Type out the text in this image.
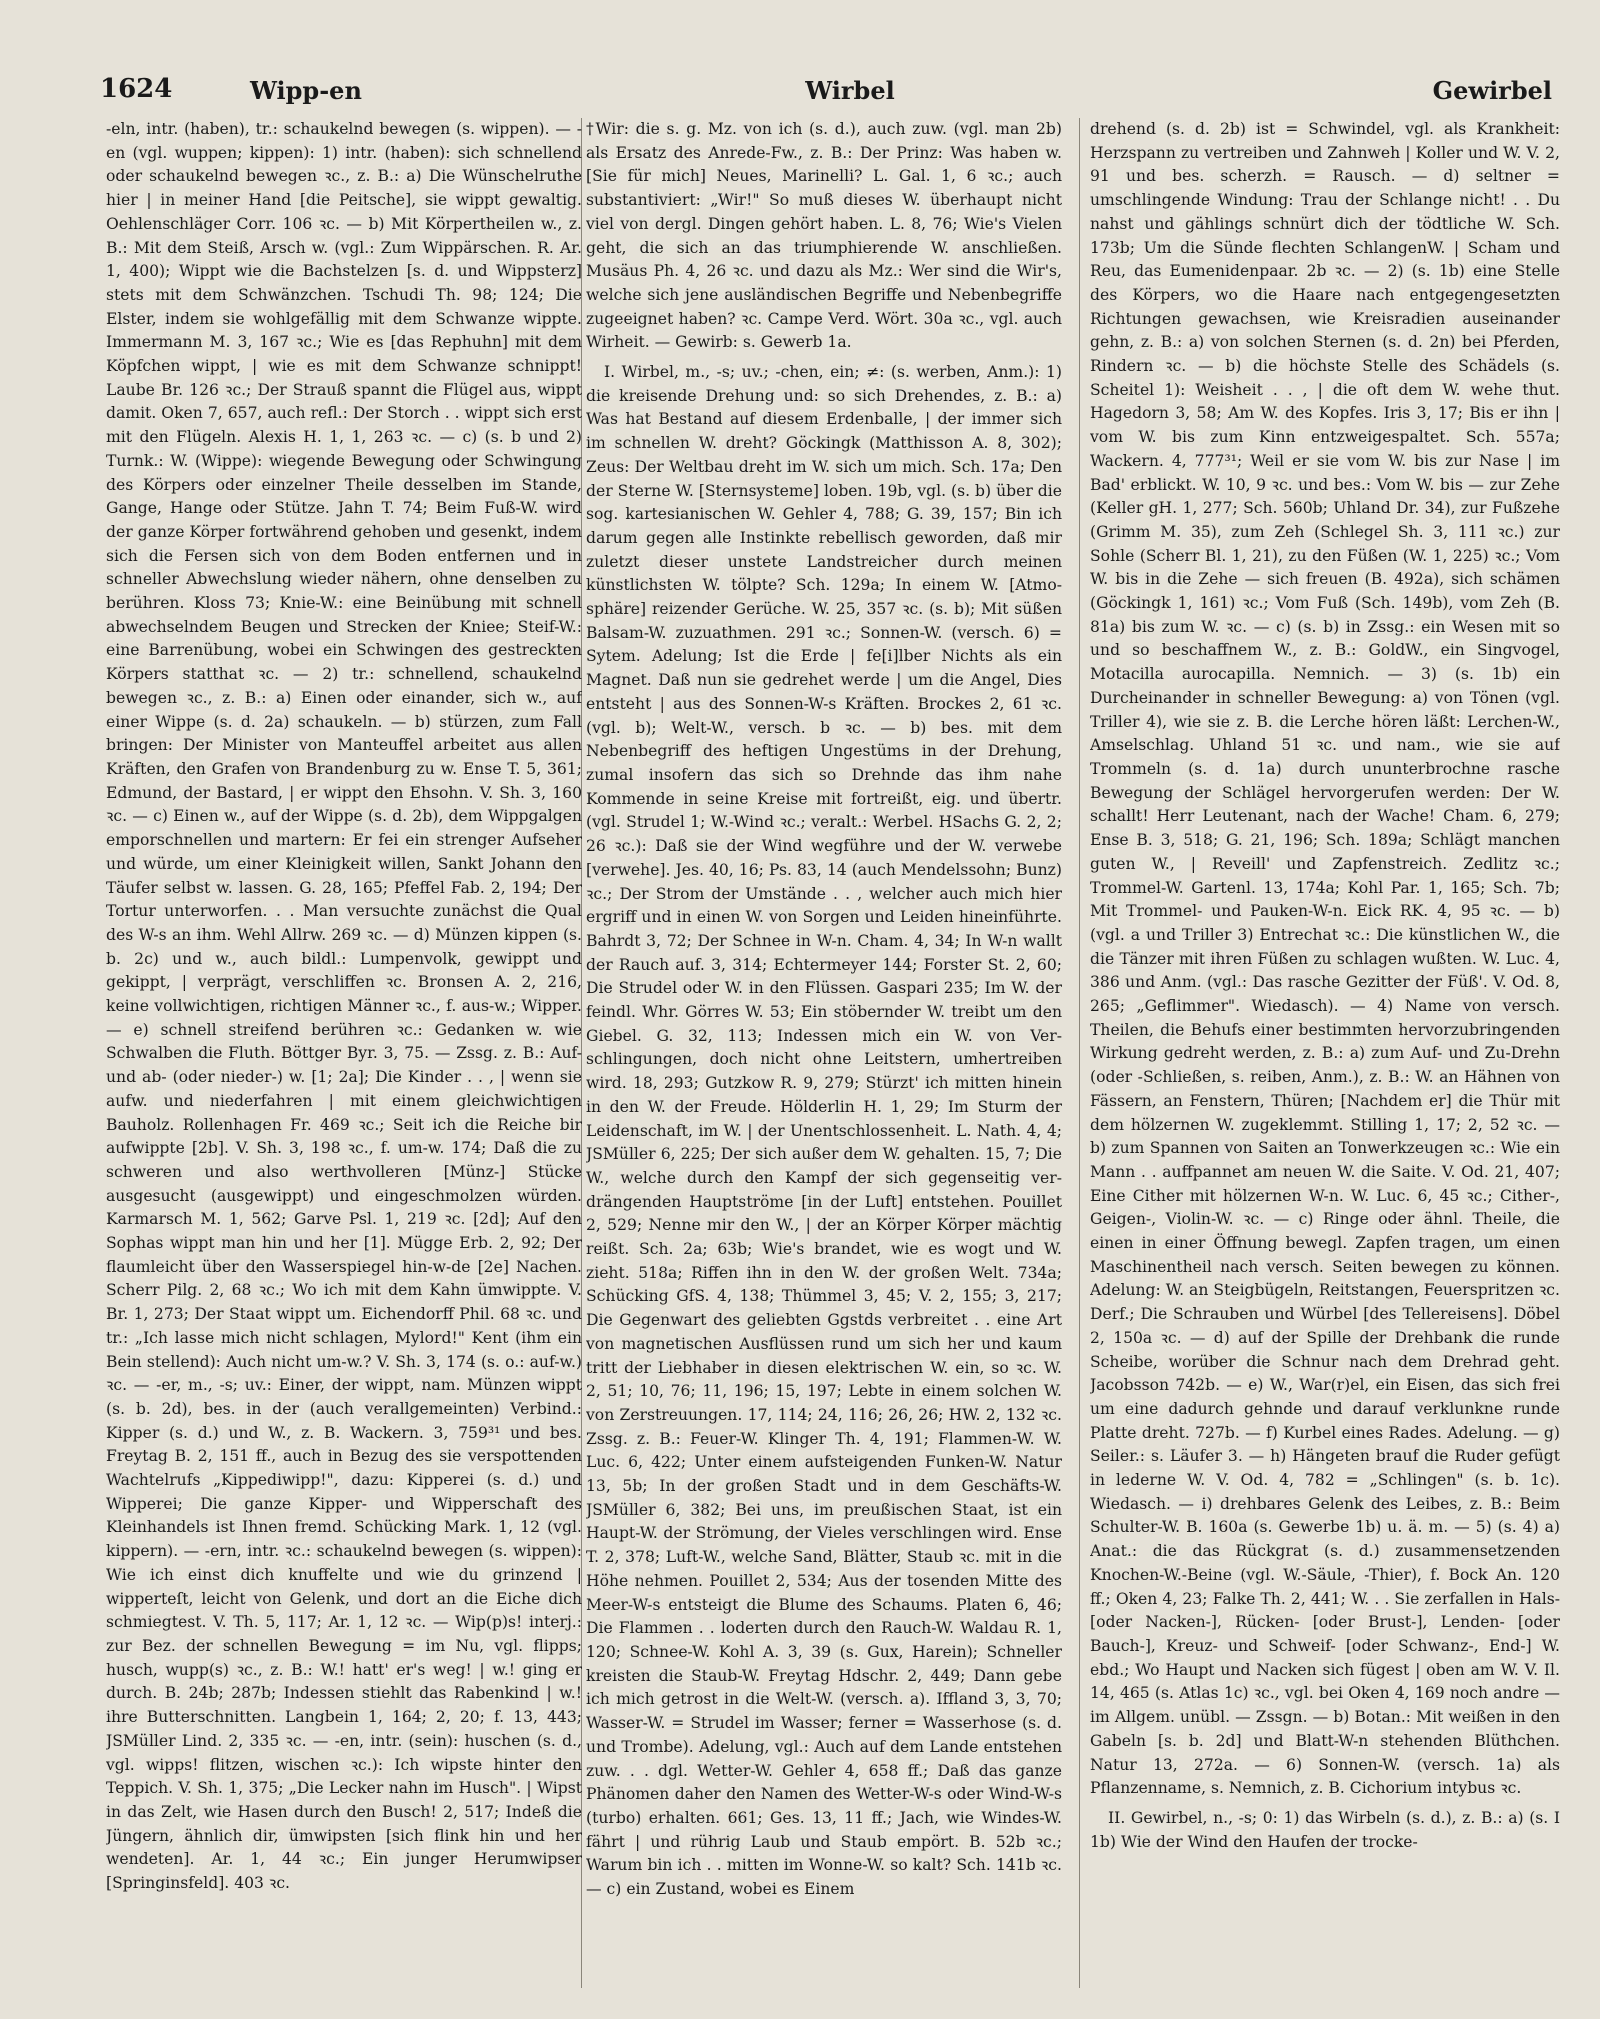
1624	Wipp-en	Wirbel	Gewirbel

-eln, intr. (haben), tr.: schaukelnd bewegen (s. wippen). — -en (vgl. wuppen; kippen): 1) intr. (haben): sich schnellend oder schaukelnd bewegen ꝛc., z. B.: a) Die Wünschelruthe hier | in meiner Hand [die Peitsche], sie wippt gewaltig. Oehlenschläger Corr. 106 ꝛc. — b) Mit Körpertheilen w., z. B.: Mit dem Steiß, Arsch w. (vgl.: Zum Wippärschen. R. Ar. 1, 400); Wippt wie die Bachstelzen [s. d. und Wippsterz] stets mit dem Schwänzchen. Tschudi Th. 98; 124; Die Elster, indem sie wohlgefällig mit dem Schwanze wippte. Immermann M. 3, 167 ꝛc.; Wie es [das Rephuhn] mit dem Köpfchen wippt, | wie es mit dem Schwanze schnippt! Laube Br. 126 ꝛc.; Der Strauß spannt die Flügel aus, wippt damit. Oken 7, 657, auch refl.: Der Storch . . wippt sich erst mit den Flügeln. Alexis H. 1, 1, 263 ꝛc. — c) (s. b und 2) Turnk.: W. (Wippe): wiegende Bewegung oder Schwingung des Körpers oder einzelner Theile desselben im Stande, Gange, Hange oder Stütze. Jahn T. 74; Beim Fuß-W. wird der ganze Körper fortwährend gehoben und gesenkt, indem sich die Fersen sich von dem Boden entfernen und in schneller Abwechslung wieder nähern, ohne denselben zu berühren. Kloss 73; Knie-W.: eine Beinübung mit schnell abwechselndem Beugen und Strecken der Kniee; Steif-W.: eine Barrenübung, wobei ein Schwingen des gestreckten Körpers statthat ꝛc. — 2) tr.: schnellend, schaukelnd bewegen ꝛc., z. B.: a) Einen oder einander, sich w., auf einer Wippe (s. d. 2a) schaukeln. — b) stürzen, zum Fall bringen: Der Minister von Manteuffel arbeitet aus allen Kräften, den Grafen von Brandenburg zu w. Ense T. 5, 361; Edmund, der Bastard, | er wippt den Ehsohn. V. Sh. 3, 160 ꝛc. — c) Einen w., auf der Wippe (s. d. 2b), dem Wippgalgen emporschnellen und martern: Er fei ein strenger Aufseher und würde, um einer Kleinigkeit willen, Sankt Johann den Täufer selbst w. lassen. G. 28, 165; Pfeffel Fab. 2, 194; Der Tortur unterworfen. . . Man versuchte zunächst die Qual des W-s an ihm. Wehl Allrw. 269 ꝛc. — d) Münzen kippen (s. b. 2c) und w., auch bildl.: Lumpenvolk, gewippt und gekippt, | verprägt, verschliffen ꝛc. Bronsen A. 2, 216, keine vollwichtigen, richtigen Männer ꝛc., f. aus-w.; Wipper. — e) schnell streifend berühren ꝛc.: Gedanken w. wie Schwalben die Fluth. Böttger Byr. 3, 75. — Zssg. z. B.: Auf- und ab- (oder nieder-) w. [1; 2a]; Die Kinder . . , | wenn sie aufw. und niederfahren | mit einem gleichwichtigen Bauholz. Rollenhagen Fr. 469 ꝛc.; Seit ich die Reiche bir aufwippte [2b]. V. Sh. 3, 198 ꝛc., f. um-w. 174; Daß die zu schweren und also werthvolleren [Münz-] Stücke ausgesucht (ausgewippt) und eingeschmolzen würden. Karmarsch M. 1, 562; Garve Psl. 1, 219 ꝛc. [2d]; Auf den Sophas wippt man hin und her [1]. Mügge Erb. 2, 92; Der flaumleicht über den Wasserspiegel hin-w-de [2e] Nachen. Scherr Pilg. 2, 68 ꝛc.; Wo ich mit dem Kahn ümwippte. V. Br. 1, 273; Der Staat wippt um. Eichendorff Phil. 68 ꝛc. und tr.: „Ich lasse mich nicht schlagen, Mylord!" Kent (ihm ein Bein stellend): Auch nicht um-w.? V. Sh. 3, 174 (s. o.: auf-w.) ꝛc. — -er, m., -s; uv.: Einer, der wippt, nam. Münzen wippt (s. b. 2d), bes. in der (auch verallgemeinten) Verbind.: Kipper (s. d.) und W., z. B. Wackern. 3, 759³¹ und bes. Freytag B. 2, 151 ff., auch in Bezug des sie verspottenden Wachtelrufs „Kippediwipp!", dazu: Kipperei (s. d.) und Wipperei; Die ganze Kipper- und Wipperschaft des Kleinhandels ist Ihnen fremd. Schücking Mark. 1, 12 (vgl. kippern). — -ern, intr. ꝛc.: schaukelnd bewegen (s. wippen): Wie ich einst dich knuffelte und wie du grinzend | wipperteſt, leicht von Gelenk, und dort an die Eiche dich schmiegtest. V. Th. 5, 117; Ar. 1, 12 ꝛc. — Wip(p)s! interj.: zur Bez. der schnellen Bewegung = im Nu, vgl. flipps; husch, wupp(s) ꝛc., z. B.: W.! hatt' er's weg! | w.! ging er durch. B. 24b; 287b; Indessen stiehlt das Rabenkind | w.! ihre Butterschnitten. Langbein 1, 164; 2, 20; f. 13, 443; JSMüller Lind. 2, 335 ꝛc. — -en, intr. (sein): huschen (s. d., vgl. wipps! flitzen, wischen ꝛc.): Ich wipste hinter den Teppich. V. Sh. 1, 375; „Die Lecker nahn im Husch". | Wipst in das Zelt, wie Hasen durch den Busch! 2, 517; Indeß die Jüngern, ähnlich dir, ümwipsten [sich flink hin und her wendeten]. Ar. 1, 44 ꝛc.; Ein junger Herumwipser [Springinsfeld]. 403 ꝛc.

†Wir: die s. g. Mz. von ich (s. d.), auch zuw. (vgl. man 2b) als Ersatz des Anrede-Fw., z. B.: Der Prinz: Was haben w. [Sie für mich] Neues, Marinelli? L. Gal. 1, 6 ꝛc.; auch substantiviert: „Wir!" So muß dieses W. überhaupt nicht viel von dergl. Dingen gehört haben. L. 8, 76; Wie's Vielen geht, die sich an das triumphierende W. anschließen. Musäus Ph. 4, 26 ꝛc. und dazu als Mz.: Wer sind die Wir's, welche sich jene ausländischen Begriffe und Nebenbegriffe zugeeignet haben? ꝛc. Campe Verd. Wört. 30a ꝛc., vgl. auch Wirheit. — Gewirb: s. Gewerb 1a.

I. Wirbel, m., -s; uv.; -chen, ein; ≠: (s. werben, Anm.): 1) die kreisende Drehung und: so sich Drehendes, z. B.: a) Was hat Bestand auf diesem Erdenballe, | der immer sich im schnellen W. dreht? Göckingk (Matthisson A. 8, 302); Zeus: Der Weltbau dreht im W. sich um mich. Sch. 17a; Den der Sterne W. [Sternsysteme] loben. 19b, vgl. (s. b) über die sog. kartesianischen W. Gehler 4, 788; G. 39, 157; Bin ich darum gegen alle Instinkte rebellisch geworden, daß mir zuletzt dieser unstete Landstreicher durch meinen künstlichsten W. tölpte? Sch. 129a; In einem W. [Atmosphäre] reizender Gerüche. W. 25, 357 ꝛc. (s. b); Mit süßen Balsam-W. zuzuathmen. 291 ꝛc.; Sonnen-W. (versch. 6) = Sytem. Adelung; Ist die Erde | fe[i]lber Nichts als ein Magnet. Daß nun sie gedrehet werde | um die Angel, Dies entsteht | aus des Sonnen-W-s Kräften. Brockes 2, 61 ꝛc. (vgl. b); Welt-W., versch. b ꝛc. — b) bes. mit dem Nebenbegriff des heftigen Ungestüms in der Drehung, zumal insofern das sich so Drehnde das ihm nahe Kommende in seine Kreise mit fortreißt, eig. und übertr. (vgl. Strudel 1; W.-Wind ꝛc.; veralt.: Werbel. HSachs G. 2, 2; 26 ꝛc.): Daß sie der Wind wegführe und der W. verwebe [verwehe]. Jes. 40, 16; Ps. 83, 14 (auch Mendelssohn; Bunz) ꝛc.; Der Strom der Umstände . . , welcher auch mich hier ergriff und in einen W. von Sorgen und Leiden hineinführte. Bahrdt 3, 72; Der Schnee in W-n. Cham. 4, 34; In W-n wallt der Rauch auf. 3, 314; Echtermeyer 144; Forster St. 2, 60; Die Strudel oder W. in den Flüssen. Gaspari 235; Im W. der feindl. Whr. Görres W. 53; Ein stöbernder W. treibt um den Giebel. G. 32, 113; Indessen mich ein W. von Verschlingungen, doch nicht ohne Leitstern, umhertreiben wird. 18, 293; Gutzkow R. 9, 279; Stürzt' ich mitten hinein in den W. der Freude. Hölderlin H. 1, 29; Im Sturm der Leidenschaft, im W. | der Unentschlossenheit. L. Nath. 4, 4; JSMüller 6, 225; Der sich außer dem W. gehalten. 15, 7; Die W., welche durch den Kampf der sich gegenseitig verdrängenden Hauptströme [in der Luft] entstehen. Pouillet 2, 529; Nenne mir den W., | der an Körper Körper mächtig reißt. Sch. 2a; 63b; Wie's brandet, wie es wogt und W. zieht. 518a; Riffen ihn in den W. der großen Welt. 734a; Schücking GfS. 4, 138; Thümmel 3, 45; V. 2, 155; 3, 217; Die Gegenwart des geliebten Ggstds verbreitet . . eine Art von magnetischen Ausflüssen rund um sich her und kaum tritt der Liebhaber in diesen elektrischen W. ein, so ꝛc. W. 2, 51; 10, 76; 11, 196; 15, 197; Lebte in einem solchen W. von Zerstreuungen. 17, 114; 24, 116; 26, 26; HW. 2, 132 ꝛc. Zssg. z. B.: Feuer-W. Klinger Th. 4, 191; Flammen-W. W. Luc. 6, 422; Unter einem aufsteigenden Funken-W. Natur 13, 5b; In der großen Stadt und in dem Geschäfts-W. JSMüller 6, 382; Bei uns, im preußischen Staat, ist ein Haupt-W. der Strömung, der Vieles verschlingen wird. Ense T. 2, 378; Luft-W., welche Sand, Blätter, Staub ꝛc. mit in die Höhe nehmen. Pouillet 2, 534; Aus der tosenden Mitte des Meer-W-s entsteigt die Blume des Schaums. Platen 6, 46; Die Flammen . . loderten durch den Rauch-W. Waldau R. 1, 120; Schnee-W. Kohl A. 3, 39 (s. Gux, Harein); Schneller kreisten die Staub-W. Freytag Hdschr. 2, 449; Dann gebe ich mich getrost in die Welt-W. (versch. a). Iffland 3, 3, 70; Wasser-W. = Strudel im Wasser; ferner = Wasserhose (s. d. und Trombe). Adelung, vgl.: Auch auf dem Lande entstehen zuw. . . dgl. Wetter-W. Gehler 4, 658 ff.; Daß das ganze Phänomen daher den Namen des Wetter-W-s oder Wind-W-s (turbo) erhalten. 661; Ges. 13, 11 ff.; Jach, wie Windes-W. fährt | und rührig Laub und Staub empört. B. 52b ꝛc.; Warum bin ich . . mitten im Wonne-W. so kalt? Sch. 141b ꝛc. — c) ein Zustand, wobei es Einem

drehend (s. d. 2b) ist = Schwindel, vgl. als Krankheit: Herzspann zu vertreiben und Zahnweh | Koller und W. V. 2, 91 und bes. scherzh. = Rausch. — d) seltner = umschlingende Windung: Trau der Schlange nicht! . . Du nahst und gählings schnürt dich der tödtliche W. Sch. 173b; Um die Sünde flechten SchlangenW. | Scham und Reu, das Eumenidenpaar. 2b ꝛc. — 2) (s. 1b) eine Stelle des Körpers, wo die Haare nach entgegengesetzten Richtungen gewachsen, wie Kreisradien auseinander gehn, z. B.: a) von solchen Sternen (s. d. 2n) bei Pferden, Rindern ꝛc. — b) die höchste Stelle des Schädels (s. Scheitel 1): Weisheit . . , | die oft dem W. wehe thut. Hagedorn 3, 58; Am W. des Kopfes. Iris 3, 17; Bis er ihn | vom W. bis zum Kinn entzweigespaltet. Sch. 557a; Wackern. 4, 777³¹; Weil er sie vom W. bis zur Nase | im Bad' erblickt. W. 10, 9 ꝛc. und bes.: Vom W. bis — zur Zehe (Keller gH. 1, 277; Sch. 560b; Uhland Dr. 34), zur Fußzehe (Grimm M. 35), zum Zeh (Schlegel Sh. 3, 111 ꝛc.) zur Sohle (Scherr Bl. 1, 21), zu den Füßen (W. 1, 225) ꝛc.; Vom W. bis in die Zehe — sich freuen (B. 492a), sich schämen (Göckingk 1, 161) ꝛc.; Vom Fuß (Sch. 149b), vom Zeh (B. 81a) bis zum W. ꝛc. — c) (s. b) in Zssg.: ein Wesen mit so und so beschaffnem W., z. B.: GoldW., ein Singvogel, Motacilla aurocapilla. Nemnich. — 3) (s. 1b) ein Durcheinander in schneller Bewegung: a) von Tönen (vgl. Triller 4), wie sie z. B. die Lerche hören läßt: Lerchen-W., Amselschlag. Uhland 51 ꝛc. und nam., wie sie auf Trommeln (s. d. 1a) durch ununterbrochne rasche Bewegung der Schlägel hervorgerufen werden: Der W. schallt! Herr Leutenant, nach der Wache! Cham. 6, 279; Ense B. 3, 518; G. 21, 196; Sch. 189a; Schlägt manchen guten W., | Reveill' und Zapfenstreich. Zedlitz ꝛc.; Trommel-W. Gartenl. 13, 174a; Kohl Par. 1, 165; Sch. 7b; Mit Trommel- und Pauken-W-n. Eick RK. 4, 95 ꝛc. — b) (vgl. a und Triller 3) Entrechat ꝛc.: Die künstlichen W., die die Tänzer mit ihren Füßen zu schlagen wußten. W. Luc. 4, 386 und Anm. (vgl.: Das rasche Gezitter der Füß'. V. Od. 8, 265; „Geflimmer". Wiedasch). — 4) Name von versch. Theilen, die Behufs einer bestimmten hervorzubringenden Wirkung gedreht werden, z. B.: a) zum Auf- und Zu-Drehn (oder -Schließen, s. reiben, Anm.), z. B.: W. an Hähnen von Fässern, an Fenstern, Thüren; [Nachdem er] die Thür mit dem hölzernen W. zugeklemmt. Stilling 1, 17; 2, 52 ꝛc. — b) zum Spannen von Saiten an Tonwerkzeugen ꝛc.: Wie ein Mann . . auffpannet am neuen W. die Saite. V. Od. 21, 407; Eine Cither mit hölzernen W-n. W. Luc. 6, 45 ꝛc.; Cither-, Geigen-, Violin-W. ꝛc. — c) Ringe oder ähnl. Theile, die einen in einer Öffnung bewegl. Zapfen tragen, um einen Maschinentheil nach versch. Seiten bewegen zu können. Adelung: W. an Steigbügeln, Reitstangen, Feuerspritzen ꝛc. Derf.; Die Schrauben und Würbel [des Tellereisens]. Döbel 2, 150a ꝛc. — d) auf der Spille der Drehbank die runde Scheibe, worüber die Schnur nach dem Drehrad geht. Jacobsson 742b. — e) W., War(r)el, ein Eisen, das sich frei um eine dadurch gehnde und darauf verklunkne runde Platte dreht. 727b. — f) Kurbel eines Rades. Adelung. — g) Seiler.: s. Läufer 3. — h) Hängeten brauf die Ruder gefügt in lederne W. V. Od. 4, 782 = „Schlingen" (s. b. 1c). Wiedasch. — i) drehbares Gelenk des Leibes, z. B.: Beim Schulter-W. B. 160a (s. Gewerbe 1b) u. ä. m. — 5) (s. 4) a) Anat.: die das Rückgrat (s. d.) zusammensetzenden Knochen-W.-Beine (vgl. W.-Säule, -Thier), f. Bock An. 120 ff.; Oken 4, 23; Falke Th. 2, 441; W. . . Sie zerfallen in Hals- [oder Nacken-], Rücken- [oder Brust-], Lenden- [oder Bauch-], Kreuz- und Schweif- [oder Schwanz-, End-] W. ebd.; Wo Haupt und Nacken sich fügest | oben am W. V. Il. 14, 465 (s. Atlas 1c) ꝛc., vgl. bei Oken 4, 169 noch andre — im Allgem. unübl. — Zssgn. — b) Botan.: Mit weißen in den Gabeln [s. b. 2d] und Blatt-W-n stehenden Blüthchen. Natur 13, 272a. — 6) Sonnen-W. (versch. 1a) als Pflanzenname, s. Nemnich, z. B. Cichorium intybus ꝛc.

II. Gewirbel, n., -s; 0: 1) das Wirbeln (s. d.), z. B.: a) (s. I 1b) Wie der Wind den Haufen der trocke-
